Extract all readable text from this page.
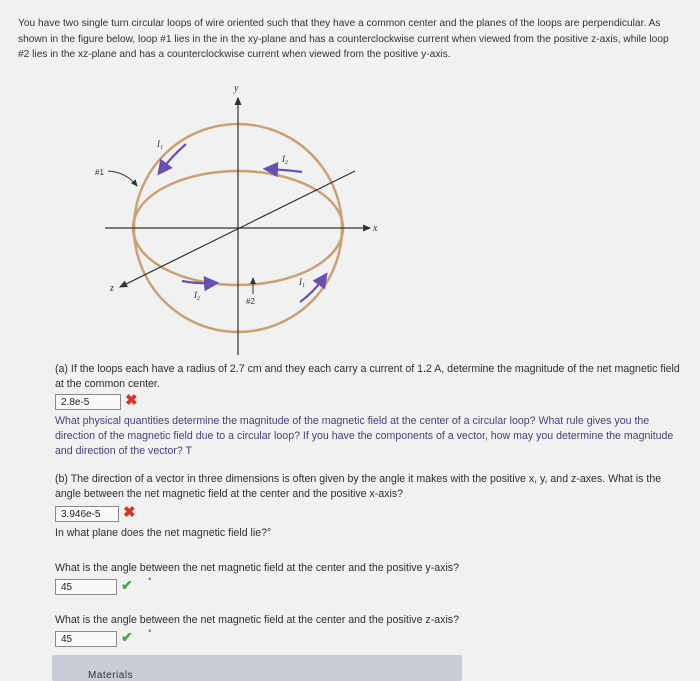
You have two single turn circular loops of wire oriented such that they have a common center and the planes of the loops are perpendicular. As shown in the figure below, loop #1 lies in the in the xy-plane and has a counterclockwise current when viewed from the positive z-axis, while loop #2 lies in the xz-plane and has a counterclockwise current when viewed from the positive y-axis.
y
x
z
#1
#2
$I_1$
$I_2$
$I_2$
$I_1$
(a) If the loops each have a radius of 2.7 cm and they each carry a current of 1.2 A, determine the magnitude of the net magnetic field at the common center.
2.8e-5	✖
What physical quantities determine the magnitude of the magnetic field at the center of a circular loop? What rule gives you the direction of the magnetic field due to a circular loop? If you have the components of a vector, how may you determine the magnitude and direction of the vector? T
(b) The direction of a vector in three dimensions is often given by the angle it makes with the positive x, y, and z-axes. What is the angle between the net magnetic field at the center and the positive x-axis?
3.946e-5	✖
In what plane does the net magnetic field lie?°
What is the angle between the net magnetic field at the center and the positive y-axis?
45	✔ °
What is the angle between the net magnetic field at the center and the positive z-axis?
45	✔ °
Materials
